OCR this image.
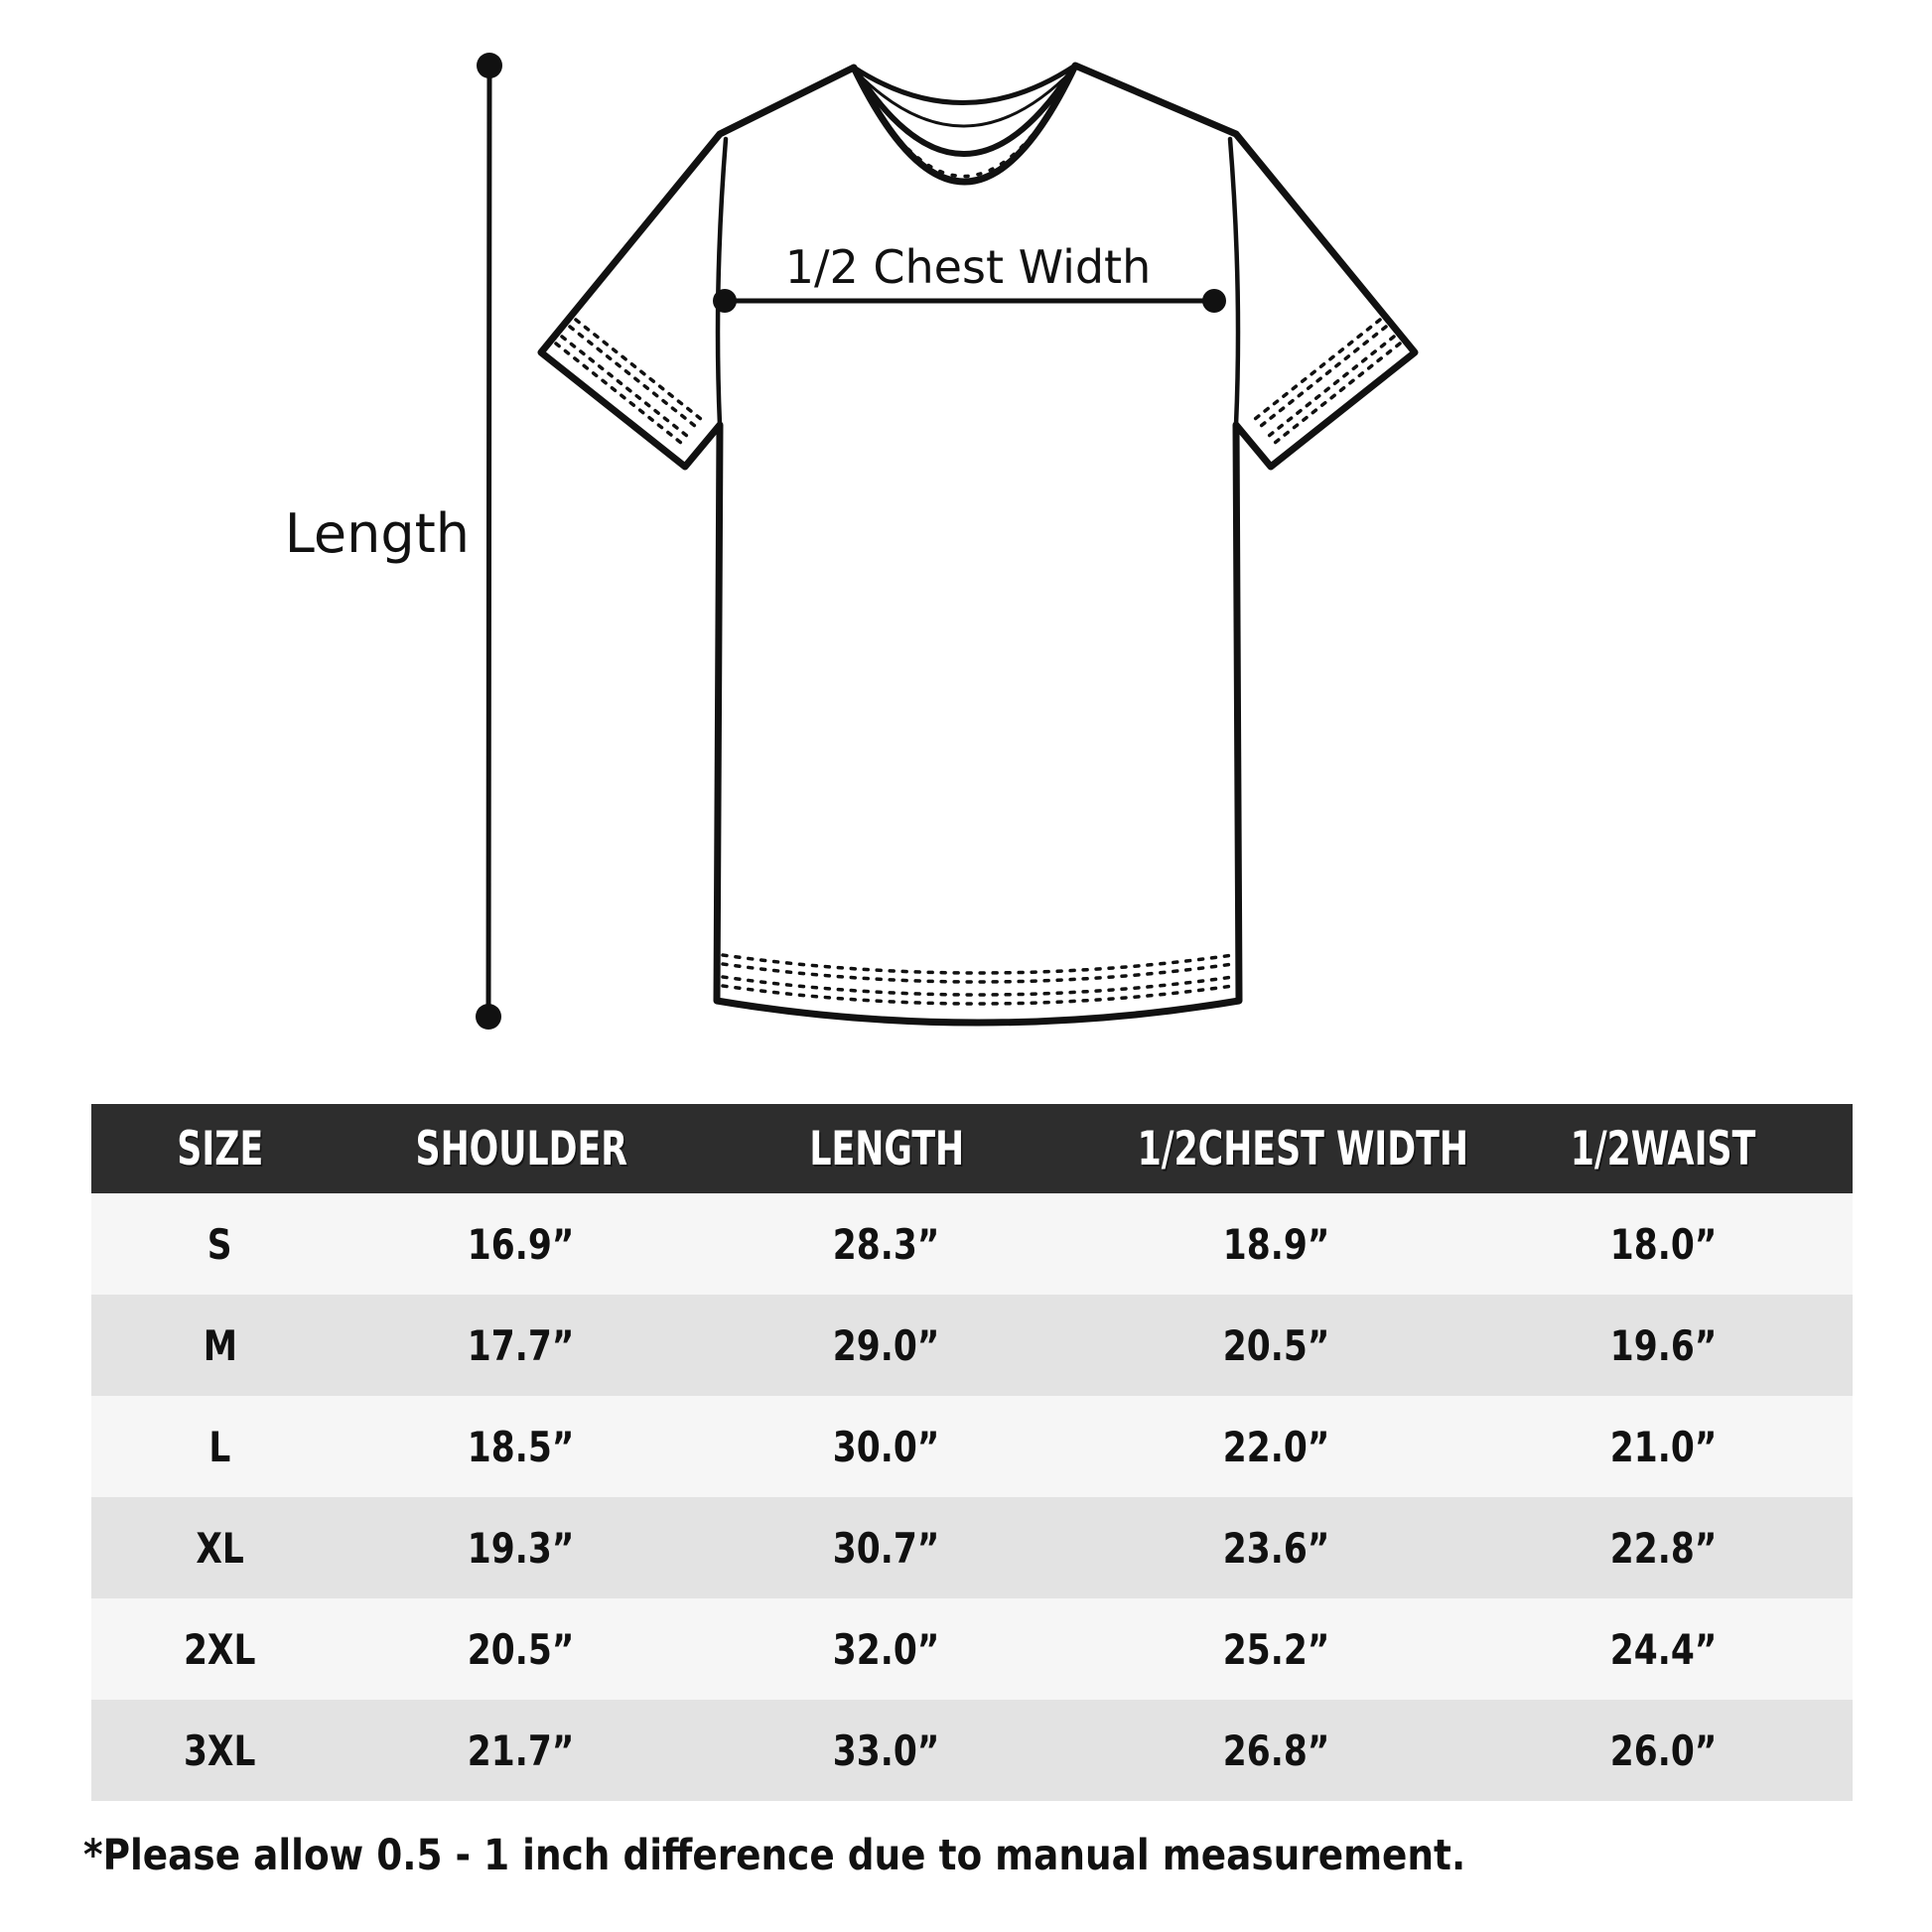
Length
1/2 Chest Width
SIZE	SHOULDER	LENGTH	1/2CHEST WIDTH	1/2WAIST
S	16.9”	28.3”	18.9”	18.0”
M	17.7”	29.0”	20.5”	19.6”
L	18.5”	30.0”	22.0”	21.0”
XL	19.3”	30.7”	23.6”	22.8”
2XL	20.5”	32.0”	25.2”	24.4”
3XL	21.7”	33.0”	26.8”	26.0”
*Please allow 0.5 - 1 inch difference due to manual measurement.
